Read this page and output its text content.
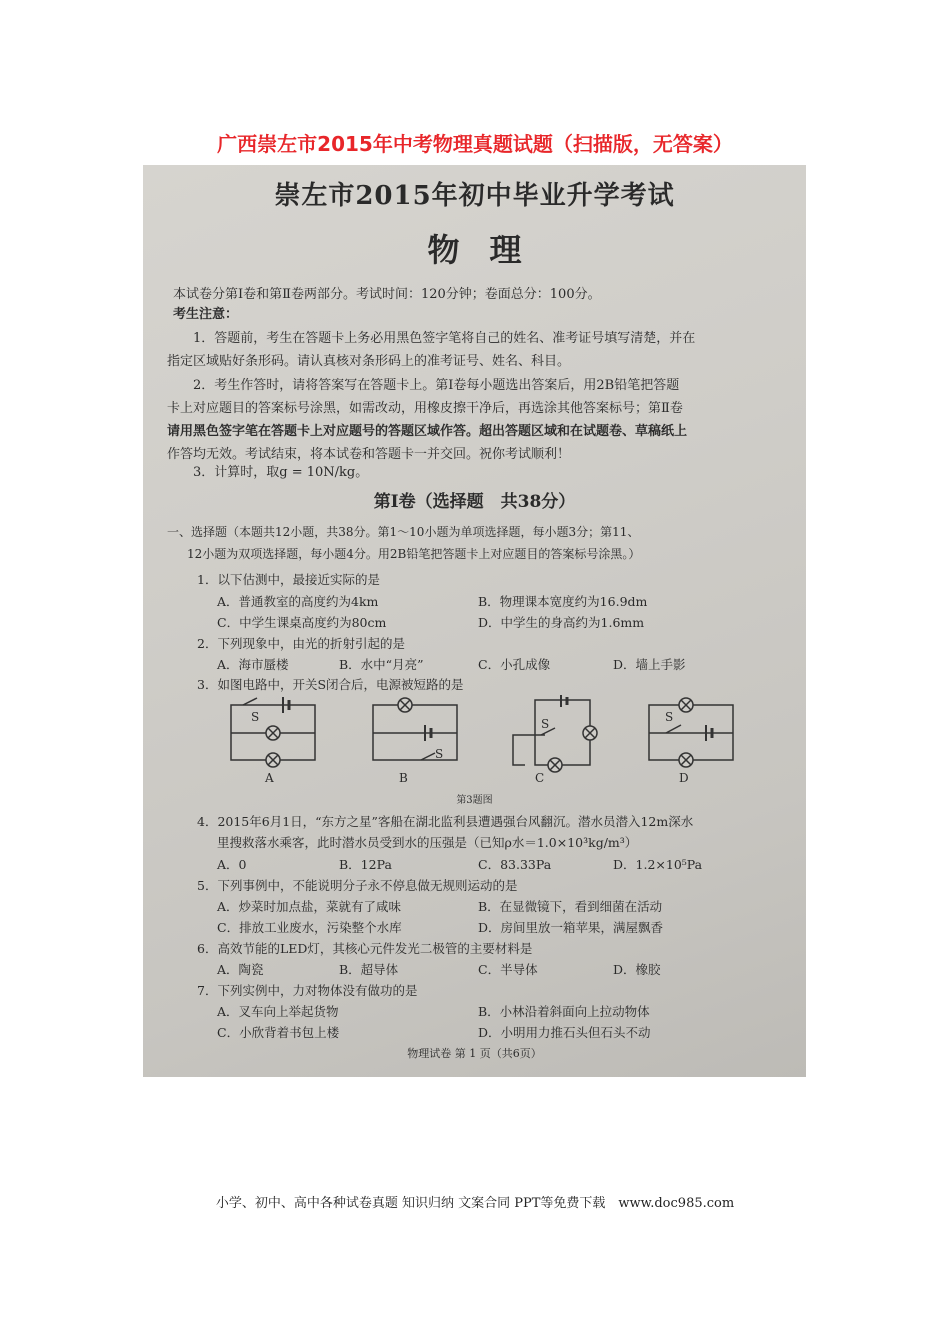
广西崇左市2015年中考物理真题试题（扫描版，无答案）
崇左市2015年初中毕业升学考试
物理
本试卷分第Ⅰ卷和第Ⅱ卷两部分。考试时间：120分钟；卷面总分：100分。
考生注意：
1．答题前，考生在答题卡上务必用黑色签字笔将自己的姓名、准考证号填写清楚，并在
指定区域贴好条形码。请认真核对条形码上的准考证号、姓名、科目。
2．考生作答时，请将答案写在答题卡上。第Ⅰ卷每小题选出答案后，用2B铅笔把答题
卡上对应题目的答案标号涂黑，如需改动，用橡皮擦干净后，再选涂其他答案标号；第Ⅱ卷
请用黑色签字笔在答题卡上对应题号的答题区域作答。超出答题区域和在试题卷、草稿纸上
作答均无效。考试结束，将本试卷和答题卡一并交回。祝你考试顺利！
3．计算时，取g = 10N/kg。
第Ⅰ卷（选择题　共38分）
一、选择题（本题共12小题，共38分。第1～10小题为单项选择题，每小题3分；第11、
12小题为双项选择题，每小题4分。用2B铅笔把答题卡上对应题目的答案标号涂黑。）
1．以下估测中，最接近实际的是
A．普通教室的高度约为4km	B．物理课本宽度约为16.9dm
C．中学生课桌高度约为80cm	D．中学生的身高约为1.6mm
2．下列现象中，由光的折射引起的是
A．海市蜃楼	B．水中“月亮”	C．小孔成像	D．墙上手影
3．如图电路中，开关S闭合后，电源被短路的是
S
A
S
B
S
C
S
D
第3题图
4．2015年6月1日，“东方之星”客船在湖北监利县遭遇强台风翻沉。潜水员潜入12m深水
里搜救落水乘客，此时潜水员受到水的压强是（已知ρ水＝1.0×10³kg/m³）
A．0	B．12Pa	C．83.33Pa	D．1.2×10⁵Pa
5．下列事例中，不能说明分子永不停息做无规则运动的是
A．炒菜时加点盐，菜就有了咸味	B．在显微镜下，看到细菌在活动
C．排放工业废水，污染整个水库	D．房间里放一箱苹果，满屋飘香
6．高效节能的LED灯，其核心元件发光二极管的主要材料是
A．陶瓷	B．超导体	C．半导体	D．橡胶
7．下列实例中，力对物体没有做功的是
A．叉车向上举起货物	B．小林沿着斜面向上拉动物体
C．小欣背着书包上楼	D．小明用力推石头但石头不动
物理试卷 第 1 页（共6页）
小学、初中、高中各种试卷真题 知识归纳 文案合同 PPT等免费下载　www.doc985.com
